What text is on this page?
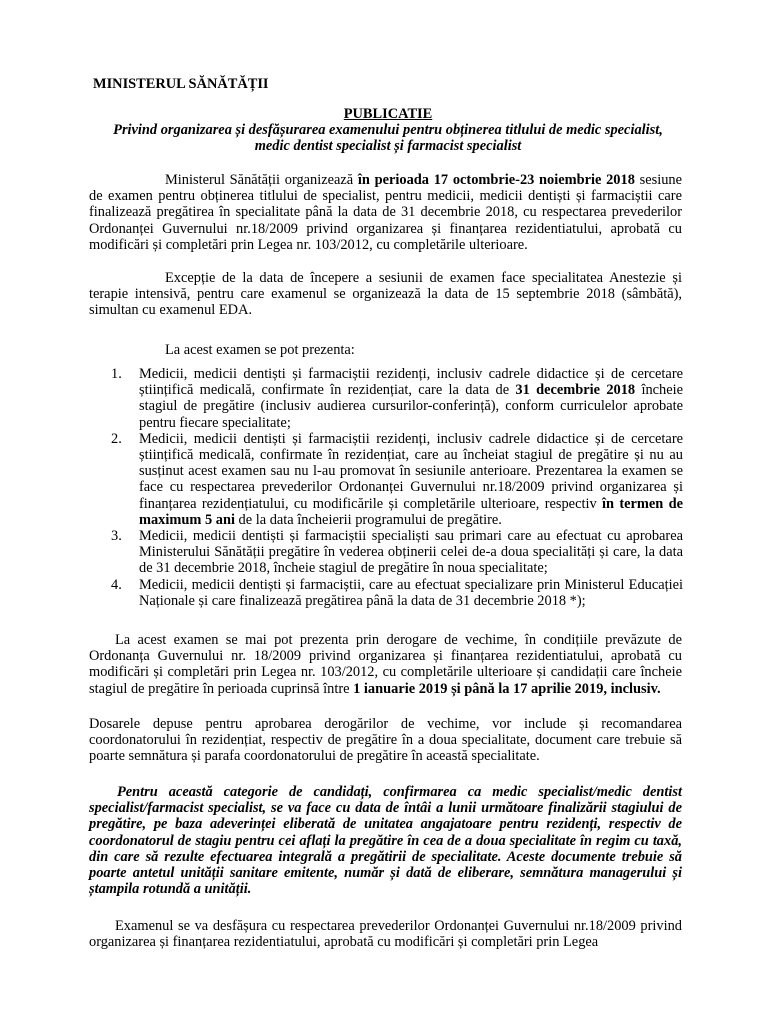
MINISTERUL SĂNĂTĂȚII
PUBLICATIE
Privind organizarea și desfășurarea examenului pentru obținerea titlului de medic specialist,
medic dentist specialist și farmacist specialist
Ministerul Sănătății organizează în perioada 17 octombrie-23 noiembrie 2018 sesiune de examen pentru obținerea titlului de specialist, pentru medicii, medicii dentiști și farmaciștii care finalizează pregătirea în specialitate până la data de 31 decembrie 2018, cu respectarea prevederilor Ordonanței Guvernului nr.18/2009 privind organizarea și finanțarea rezidentiatului, aprobată cu modificări și completări prin Legea nr. 103/2012, cu completările ulterioare.
Excepție de la data de începere a sesiunii de examen face specialitatea Anestezie și terapie intensivă, pentru care examenul se organizează la data de 15 septembrie 2018 (sâmbătă), simultan cu examenul EDA.
La acest examen se pot prezenta:
1. Medicii, medicii dentiști și farmaciștii rezidenți, inclusiv cadrele didactice și de cercetare științifică medicală, confirmate în rezidențiat, care la data de 31 decembrie 2018 încheie stagiul de pregătire (inclusiv audierea cursurilor-conferință), conform curriculelor aprobate pentru fiecare specialitate;
2. Medicii, medicii dentiști și farmaciștii rezidenți, inclusiv cadrele didactice și de cercetare științifică medicală, confirmate în rezidențiat, care au încheiat stagiul de pregătire și nu au susținut acest examen sau nu l-au promovat în sesiunile anterioare. Prezentarea la examen se face cu respectarea prevederilor Ordonanței Guvernului nr.18/2009 privind organizarea și finanțarea rezidențiatului, cu modificările și completările ulterioare, respectiv în termen de maximum 5 ani de la data încheierii programului de pregătire.
3. Medicii, medicii dentiști și farmaciștii specialiști sau primari care au efectuat cu aprobarea Ministerului Sănătății pregătire în vederea obținerii celei de-a doua specialități și care, la data de 31 decembrie 2018, încheie stagiul de pregătire în noua specialitate;
4. Medicii, medicii dentiști și farmaciștii, care au efectuat specializare prin Ministerul Educației Naționale și care finalizează pregătirea până la data de 31 decembrie 2018 *);
La acest examen se mai pot prezenta prin derogare de vechime, în condițiile prevăzute de Ordonanța Guvernului nr. 18/2009 privind organizarea și finanțarea rezidentiatului, aprobată cu modificări și completări prin Legea nr. 103/2012, cu completările ulterioare și candidații care încheie stagiul de pregătire în perioada cuprinsă între 1 ianuarie 2019 și până la 17 aprilie 2019, inclusiv.
Dosarele depuse pentru aprobarea derogărilor de vechime, vor include și recomandarea coordonatorului în rezidențiat, respectiv de pregătire în a doua specialitate, document care trebuie să poarte semnătura și parafa coordonatorului de pregătire în această specialitate.
Pentru această categorie de candidați, confirmarea ca medic specialist/medic dentist specialist/farmacist specialist, se va face cu data de întâi a lunii următoare finalizării stagiului de pregătire, pe baza adeverinței eliberată de unitatea angajatoare pentru rezidenți, respectiv de coordonatorul de stagiu pentru cei aflați la pregătire în cea de a doua specialitate în regim cu taxă, din care să rezulte efectuarea integrală a pregătirii de specialitate. Aceste documente trebuie să poarte antetul unității sanitare emitente, număr și dată de eliberare, semnătura managerului și ștampila rotundă a unității.
Examenul se va desfășura cu respectarea prevederilor Ordonanței Guvernului nr.18/2009 privind organizarea și finanțarea rezidentiatului, aprobată cu modificări și completări prin Legea
